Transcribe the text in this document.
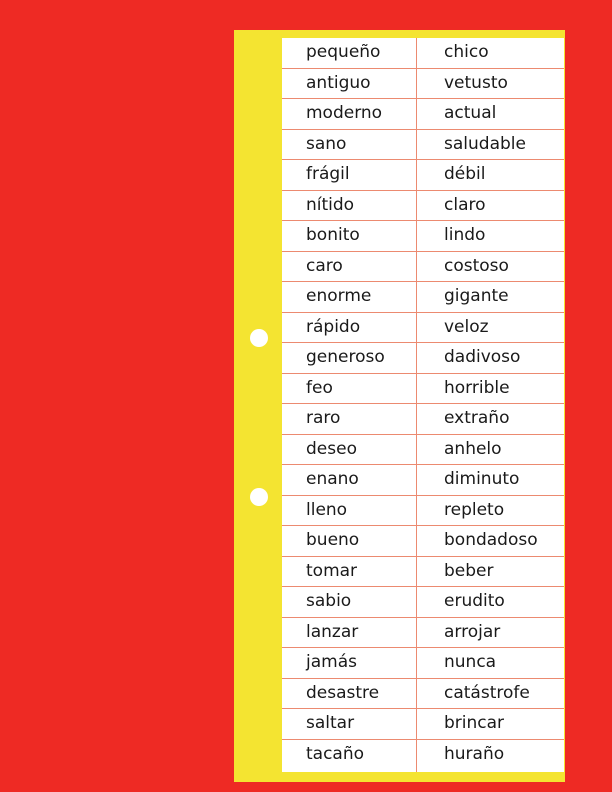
pequeño	chico
antiguo	vetusto
moderno	actual
sano	saludable
frágil	débil
nítido	claro
bonito	lindo
caro	costoso
enorme	gigante
rápido	veloz
generoso	dadivoso
feo	horrible
raro	extraño
deseo	anhelo
enano	diminuto
lleno	repleto
bueno	bondadoso
tomar	beber
sabio	erudito
lanzar	arrojar
jamás	nunca
desastre	catástrofe
saltar	brincar
tacaño	huraño
